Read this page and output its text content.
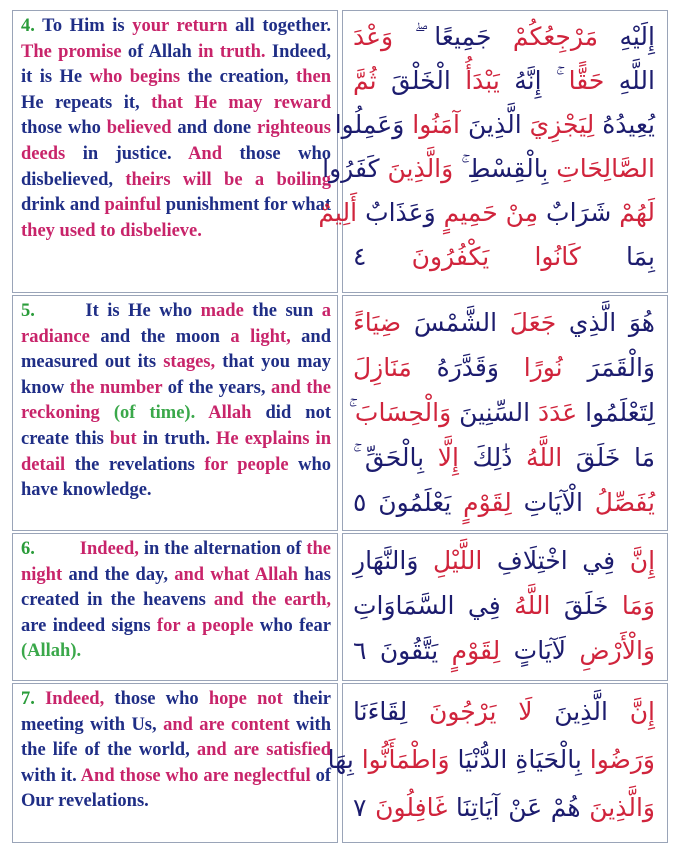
4. To Him is your return all together. The promise of Allah in truth. Indeed, it is He who begins the creation, then He repeats it, that He may reward those who believed and done righteous deeds in justice. And those who disbelieved, theirs will be a boiling drink and painful punishment for what they used to disbelieve.
إِلَيْهِ مَرْجِعُكُمْ جَمِيعًا ۖ وَعْدَ
اللَّهِ حَقًّا ۚ إِنَّهُ يَبْدَأُ الْخَلْقَ ثُمَّ
يُعِيدُهُ لِيَجْزِيَ الَّذِينَ آمَنُوا وَعَمِلُوا
الصَّالِحَاتِ بِالْقِسْطِ ۚ وَالَّذِينَ كَفَرُوا
لَهُمْ شَرَابٌ مِنْ حَمِيمٍ وَعَذَابٌ أَلِيمٌ
بِمَا كَانُوا يَكْفُرُونَ ٤
5.	It is He who made the sun a radiance and the moon a light, and measured out its stages, that you may know the number of the years, and the reckoning (of time). Allah did not create this but in truth. He explains in detail the revelations for people who have knowledge.
هُوَ الَّذِي جَعَلَ الشَّمْسَ ضِيَاءً
وَالْقَمَرَ نُورًا وَقَدَّرَهُ مَنَازِلَ
لِتَعْلَمُوا عَدَدَ السِّنِينَ وَالْحِسَابَ ۚ
مَا خَلَقَ اللَّهُ ذَٰلِكَ إِلَّا بِالْحَقِّ ۚ
يُفَصِّلُ الْآيَاتِ لِقَوْمٍ يَعْلَمُونَ ٥
6. Indeed, in the alternation of the night and the day, and what Allah has created in the heavens and the earth, are indeed signs for a people who fear (Allah).
إِنَّ فِي اخْتِلَافِ اللَّيْلِ وَالنَّهَارِ
وَمَا خَلَقَ اللَّهُ فِي السَّمَاوَاتِ
وَالْأَرْضِ لَآيَاتٍ لِقَوْمٍ يَتَّقُونَ ٦
7. Indeed, those who hope not their meeting with Us, and are content with the life of the world, and are satisfied with it. And those who are neglectful of Our revelations.
إِنَّ الَّذِينَ لَا يَرْجُونَ لِقَاءَنَا
وَرَضُوا بِالْحَيَاةِ الدُّنْيَا وَاطْمَأَنُّوا بِهَا
وَالَّذِينَ هُمْ عَنْ آيَاتِنَا غَافِلُونَ ٧
